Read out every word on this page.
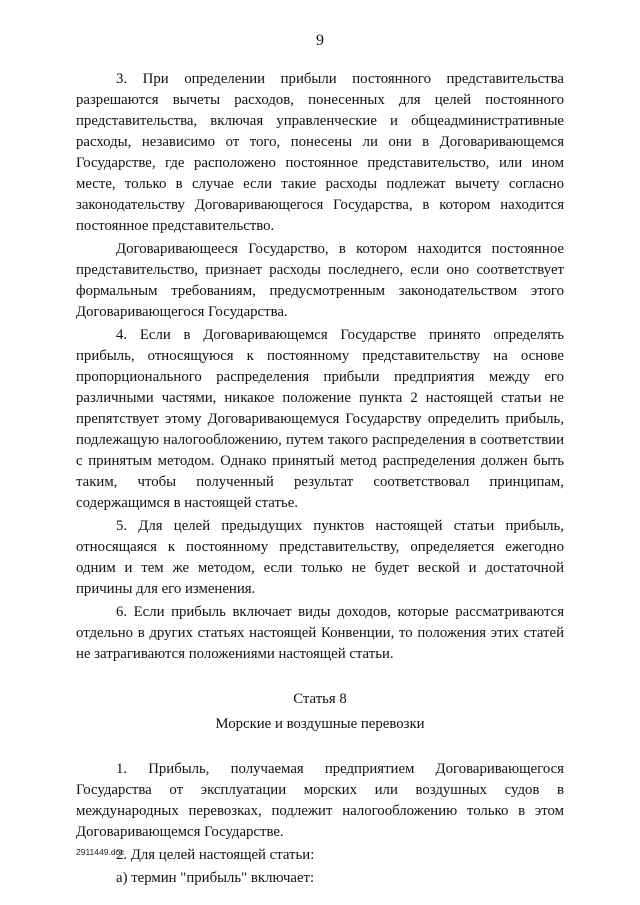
9

3. При определении прибыли постоянного представительства разрешаются вычеты расходов, понесенных для целей постоянного представительства, включая управленческие и общеадминистративные расходы, независимо от того, понесены ли они в Договаривающемся Государстве, где расположено постоянное представительство, или ином месте, только в случае если такие расходы подлежат вычету согласно законодательству Договаривающегося Государства, в котором находится постоянное представительство.

Договаривающееся Государство, в котором находится постоянное представительство, признает расходы последнего, если оно соответствует формальным требованиям, предусмотренным законодательством этого Договаривающегося Государства.

4. Если в Договаривающемся Государстве принято определять прибыль, относящуюся к постоянному представительству на основе пропорционального распределения прибыли предприятия между его различными частями, никакое положение пункта 2 настоящей статьи не препятствует этому Договаривающемуся Государству определить прибыль, подлежащую налогообложению, путем такого распределения в соответствии с принятым методом. Однако принятый метод распределения должен быть таким, чтобы полученный результат соответствовал принципам, содержащимся в настоящей статье.

5. Для целей предыдущих пунктов настоящей статьи прибыль, относящаяся к постоянному представительству, определяется ежегодно одним и тем же методом, если только не будет веской и достаточной причины для его изменения.

6. Если прибыль включает виды доходов, которые рассматриваются отдельно в других статьях настоящей Конвенции, то положения этих статей не затрагиваются положениями настоящей статьи.

Статья 8

Морские и воздушные перевозки

1. Прибыль, получаемая предприятием Договаривающегося Государства от эксплуатации морских или воздушных судов в международных перевозках, подлежит налогообложению только в этом Договаривающемся Государстве.

2. Для целей настоящей статьи:

а) термин "прибыль" включает:

2911449.doc
